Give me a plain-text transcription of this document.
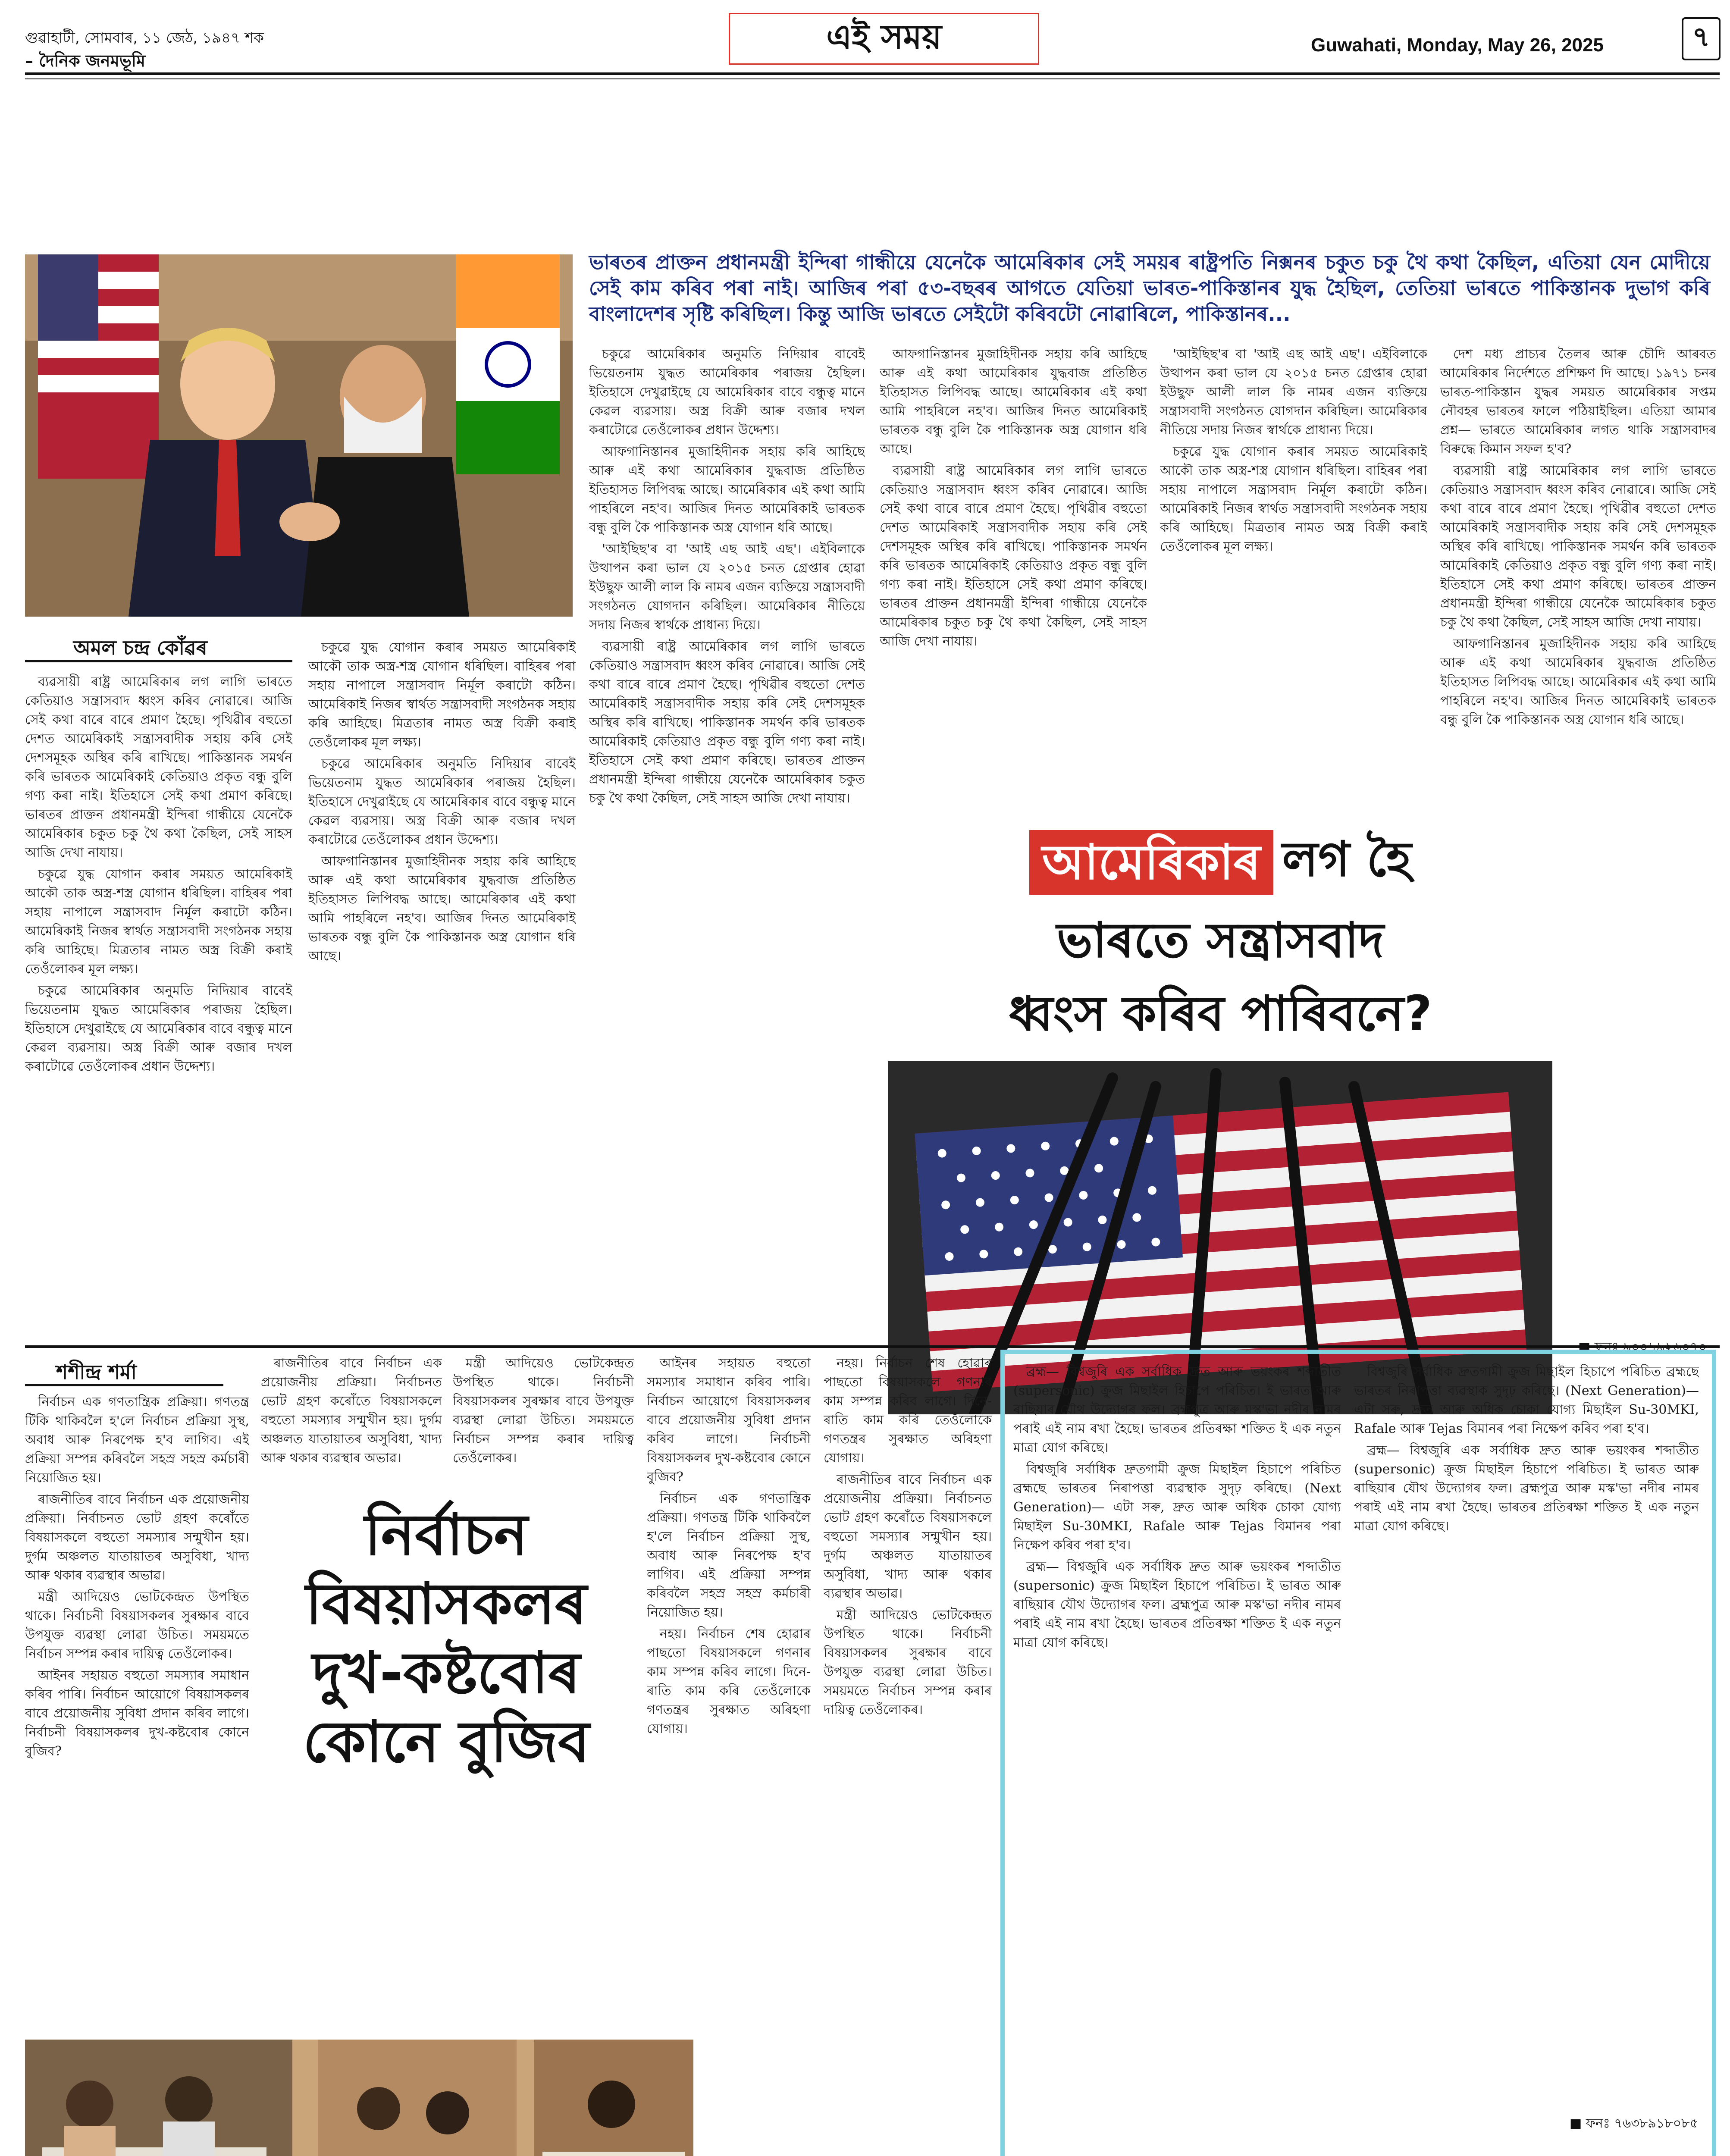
গুৱাহাটী, সোমবাৰ, ১১ জেঠ, ১৯৪৭ শক
– দৈনিক জনমভূমি
এই সময়	Guwahati, Monday, May 26, 2025	৭
অমল চন্দ্ৰ কোঁৱৰ
ভাৰতৰ প্ৰাক্তন প্ৰধানমন্ত্ৰী ইন্দিৰা গান্ধীয়ে যেনেকৈ আমেৰিকাৰ সেই সময়ৰ ৰাষ্ট্ৰপতি নিক্সনৰ চকুত চকু থৈ কথা কৈছিল, এতিয়া যেন মোদীয়ে সেই কাম কৰিব পৰা নাই। আজিৰ পৰা ৫৩-বছৰৰ আগতে যেতিয়া ভাৰত-পাকিস্তানৰ যুদ্ধ হৈছিল, তেতিয়া ভাৰতে পাকিস্তানক দুভাগ কৰি বাংলাদেশৰ সৃষ্টি কৰিছিল। কিন্তু আজি ভাৰতে সেইটো কৰিবটো নোৱাৰিলে, পাকিস্তানৰ...

ব্যৱসায়ী ৰাষ্ট্ৰ আমেৰিকাৰ লগ লাগি ভাৰতে কেতিয়াও সন্ত্ৰাসবাদ ধ্বংস কৰিব নোৱাৰে। আজি সেই কথা বাৰে বাৰে প্ৰমাণ হৈছে। পৃথিৱীৰ বহুতো দেশত আমেৰিকাই সন্ত্ৰাসবাদীক সহায় কৰি সেই দেশসমূহক অস্থিৰ কৰি ৰাখিছে। পাকিস্তানক সমৰ্থন কৰি ভাৰতক আমেৰিকাই কেতিয়াও প্ৰকৃত বন্ধু বুলি গণ্য কৰা নাই। ইতিহাসে সেই কথা প্ৰমাণ কৰিছে। ভাৰতৰ প্ৰাক্তন প্ৰধানমন্ত্ৰী ইন্দিৰা গান্ধীয়ে যেনেকৈ আমেৰিকাৰ চকুত চকু থৈ কথা কৈছিল, সেই সাহস আজি দেখা নাযায়।

চকুৱে যুদ্ধ যোগান কৰাৰ সময়ত আমেৰিকাই আকৌ তাক অস্ত্ৰ-শস্ত্ৰ যোগান ধৰিছিল। বাহিৰৰ পৰা সহায় নাপালে সন্ত্ৰাসবাদ নিৰ্মূল কৰাটো কঠিন। আমেৰিকাই নিজৰ স্বাৰ্থত সন্ত্ৰাসবাদী সংগঠনক সহায় কৰি আহিছে। মিত্ৰতাৰ নামত অস্ত্ৰ বিক্ৰী কৰাই তেওঁলোকৰ মূল লক্ষ্য।

চকুৱে আমেৰিকাৰ অনুমতি নিদিয়াৰ বাবেই ভিয়েতনাম যুদ্ধত আমেৰিকাৰ পৰাজয় হৈছিল। ইতিহাসে দেখুৱাইছে যে আমেৰিকাৰ বাবে বন্ধুত্ব মানে কেৱল ব্যৱসায়। অস্ত্ৰ বিক্ৰী আৰু বজাৰ দখল কৰাটোৱে তেওঁলোকৰ প্ৰধান উদ্দেশ্য।

চকুৱে যুদ্ধ যোগান কৰাৰ সময়ত আমেৰিকাই আকৌ তাক অস্ত্ৰ-শস্ত্ৰ যোগান ধৰিছিল। বাহিৰৰ পৰা সহায় নাপালে সন্ত্ৰাসবাদ নিৰ্মূল কৰাটো কঠিন। আমেৰিকাই নিজৰ স্বাৰ্থত সন্ত্ৰাসবাদী সংগঠনক সহায় কৰি আহিছে। মিত্ৰতাৰ নামত অস্ত্ৰ বিক্ৰী কৰাই তেওঁলোকৰ মূল লক্ষ্য।

চকুৱে আমেৰিকাৰ অনুমতি নিদিয়াৰ বাবেই ভিয়েতনাম যুদ্ধত আমেৰিকাৰ পৰাজয় হৈছিল। ইতিহাসে দেখুৱাইছে যে আমেৰিকাৰ বাবে বন্ধুত্ব মানে কেৱল ব্যৱসায়। অস্ত্ৰ বিক্ৰী আৰু বজাৰ দখল কৰাটোৱে তেওঁলোকৰ প্ৰধান উদ্দেশ্য।

আফগানিস্তানৰ মুজাহিদীনক সহায় কৰি আহিছে আৰু এই কথা আমেৰিকাৰ যুদ্ধবাজ প্ৰতিষ্ঠিত ইতিহাসত লিপিবদ্ধ আছে। আমেৰিকাৰ এই কথা আমি পাহৰিলে নহ'ব। আজিৰ দিনত আমেৰিকাই ভাৰতক বন্ধু বুলি কৈ পাকিস্তানক অস্ত্ৰ যোগান ধৰি আছে।

চকুৱে আমেৰিকাৰ অনুমতি নিদিয়াৰ বাবেই ভিয়েতনাম যুদ্ধত আমেৰিকাৰ পৰাজয় হৈছিল। ইতিহাসে দেখুৱাইছে যে আমেৰিকাৰ বাবে বন্ধুত্ব মানে কেৱল ব্যৱসায়। অস্ত্ৰ বিক্ৰী আৰু বজাৰ দখল কৰাটোৱে তেওঁলোকৰ প্ৰধান উদ্দেশ্য।

আফগানিস্তানৰ মুজাহিদীনক সহায় কৰি আহিছে আৰু এই কথা আমেৰিকাৰ যুদ্ধবাজ প্ৰতিষ্ঠিত ইতিহাসত লিপিবদ্ধ আছে। আমেৰিকাৰ এই কথা আমি পাহৰিলে নহ'ব। আজিৰ দিনত আমেৰিকাই ভাৰতক বন্ধু বুলি কৈ পাকিস্তানক অস্ত্ৰ যোগান ধৰি আছে।

'আইছিছ'ৰ বা 'আই এছ আই এছ'। এইবিলাকে উত্থাপন কৰা ভাল যে ২০১৫ চনত গ্ৰেপ্তাৰ হোৱা ইউছুফ আলী লাল কি নামৰ এজন ব্যক্তিয়ে সন্ত্ৰাসবাদী সংগঠনত যোগদান কৰিছিল। আমেৰিকাৰ নীতিয়ে সদায় নিজৰ স্বাৰ্থকে প্ৰাধান্য দিয়ে।

ব্যৱসায়ী ৰাষ্ট্ৰ আমেৰিকাৰ লগ লাগি ভাৰতে কেতিয়াও সন্ত্ৰাসবাদ ধ্বংস কৰিব নোৱাৰে। আজি সেই কথা বাৰে বাৰে প্ৰমাণ হৈছে। পৃথিৱীৰ বহুতো দেশত আমেৰিকাই সন্ত্ৰাসবাদীক সহায় কৰি সেই দেশসমূহক অস্থিৰ কৰি ৰাখিছে। পাকিস্তানক সমৰ্থন কৰি ভাৰতক আমেৰিকাই কেতিয়াও প্ৰকৃত বন্ধু বুলি গণ্য কৰা নাই। ইতিহাসে সেই কথা প্ৰমাণ কৰিছে। ভাৰতৰ প্ৰাক্তন প্ৰধানমন্ত্ৰী ইন্দিৰা গান্ধীয়ে যেনেকৈ আমেৰিকাৰ চকুত চকু থৈ কথা কৈছিল, সেই সাহস আজি দেখা নাযায়।

আফগানিস্তানৰ মুজাহিদীনক সহায় কৰি আহিছে আৰু এই কথা আমেৰিকাৰ যুদ্ধবাজ প্ৰতিষ্ঠিত ইতিহাসত লিপিবদ্ধ আছে। আমেৰিকাৰ এই কথা আমি পাহৰিলে নহ'ব। আজিৰ দিনত আমেৰিকাই ভাৰতক বন্ধু বুলি কৈ পাকিস্তানক অস্ত্ৰ যোগান ধৰি আছে।

ব্যৱসায়ী ৰাষ্ট্ৰ আমেৰিকাৰ লগ লাগি ভাৰতে কেতিয়াও সন্ত্ৰাসবাদ ধ্বংস কৰিব নোৱাৰে। আজি সেই কথা বাৰে বাৰে প্ৰমাণ হৈছে। পৃথিৱীৰ বহুতো দেশত আমেৰিকাই সন্ত্ৰাসবাদীক সহায় কৰি সেই দেশসমূহক অস্থিৰ কৰি ৰাখিছে। পাকিস্তানক সমৰ্থন কৰি ভাৰতক আমেৰিকাই কেতিয়াও প্ৰকৃত বন্ধু বুলি গণ্য কৰা নাই। ইতিহাসে সেই কথা প্ৰমাণ কৰিছে। ভাৰতৰ প্ৰাক্তন প্ৰধানমন্ত্ৰী ইন্দিৰা গান্ধীয়ে যেনেকৈ আমেৰিকাৰ চকুত চকু থৈ কথা কৈছিল, সেই সাহস আজি দেখা নাযায়।

'আইছিছ'ৰ বা 'আই এছ আই এছ'। এইবিলাকে উত্থাপন কৰা ভাল যে ২০১৫ চনত গ্ৰেপ্তাৰ হোৱা ইউছুফ আলী লাল কি নামৰ এজন ব্যক্তিয়ে সন্ত্ৰাসবাদী সংগঠনত যোগদান কৰিছিল। আমেৰিকাৰ নীতিয়ে সদায় নিজৰ স্বাৰ্থকে প্ৰাধান্য দিয়ে।

চকুৱে যুদ্ধ যোগান কৰাৰ সময়ত আমেৰিকাই আকৌ তাক অস্ত্ৰ-শস্ত্ৰ যোগান ধৰিছিল। বাহিৰৰ পৰা সহায় নাপালে সন্ত্ৰাসবাদ নিৰ্মূল কৰাটো কঠিন। আমেৰিকাই নিজৰ স্বাৰ্থত সন্ত্ৰাসবাদী সংগঠনক সহায় কৰি আহিছে। মিত্ৰতাৰ নামত অস্ত্ৰ বিক্ৰী কৰাই তেওঁলোকৰ মূল লক্ষ্য।

দেশ মধ্য প্ৰাচ্যৰ তৈলৰ আৰু চৌদি আৰবত আমেৰিকাৰ নিৰ্দেশতে প্ৰশিক্ষণ দি আছে। ১৯৭১ চনৰ ভাৰত-পাকিস্তান যুদ্ধৰ সময়ত আমেৰিকাৰ সপ্তম নৌবহৰ ভাৰতৰ ফালে পঠিয়াইছিল। এতিয়া আমাৰ প্ৰশ্ন— ভাৰতে আমেৰিকাৰ লগত থাকি সন্ত্ৰাসবাদৰ বিৰুদ্ধে কিমান সফল হ'ব?

ব্যৱসায়ী ৰাষ্ট্ৰ আমেৰিকাৰ লগ লাগি ভাৰতে কেতিয়াও সন্ত্ৰাসবাদ ধ্বংস কৰিব নোৱাৰে। আজি সেই কথা বাৰে বাৰে প্ৰমাণ হৈছে। পৃথিৱীৰ বহুতো দেশত আমেৰিকাই সন্ত্ৰাসবাদীক সহায় কৰি সেই দেশসমূহক অস্থিৰ কৰি ৰাখিছে। পাকিস্তানক সমৰ্থন কৰি ভাৰতক আমেৰিকাই কেতিয়াও প্ৰকৃত বন্ধু বুলি গণ্য কৰা নাই। ইতিহাসে সেই কথা প্ৰমাণ কৰিছে। ভাৰতৰ প্ৰাক্তন প্ৰধানমন্ত্ৰী ইন্দিৰা গান্ধীয়ে যেনেকৈ আমেৰিকাৰ চকুত চকু থৈ কথা কৈছিল, সেই সাহস আজি দেখা নাযায়।

আফগানিস্তানৰ মুজাহিদীনক সহায় কৰি আহিছে আৰু এই কথা আমেৰিকাৰ যুদ্ধবাজ প্ৰতিষ্ঠিত ইতিহাসত লিপিবদ্ধ আছে। আমেৰিকাৰ এই কথা আমি পাহৰিলে নহ'ব। আজিৰ দিনত আমেৰিকাই ভাৰতক বন্ধু বুলি কৈ পাকিস্তানক অস্ত্ৰ যোগান ধৰি আছে।

আমেৰিকাৰ লগ হৈ
ভাৰতে সন্ত্ৰাসবাদ
ধ্বংস কৰিব পাৰিবনে?
শশীন্দ্ৰ শৰ্মা

নিৰ্বাচন এক গণতান্ত্ৰিক প্ৰক্ৰিয়া। গণতন্ত্ৰ টিকি থাকিবলৈ হ'লে নিৰ্বাচন প্ৰক্ৰিয়া সুস্থ, অবাধ আৰু নিৰপেক্ষ হ'ব লাগিব। এই প্ৰক্ৰিয়া সম্পন্ন কৰিবলৈ সহস্ৰ সহস্ৰ কৰ্মচাৰী নিয়োজিত হয়।

ৰাজনীতিৰ বাবে নিৰ্বাচন এক প্ৰয়োজনীয় প্ৰক্ৰিয়া। নিৰ্বাচনত ভোট গ্ৰহণ কৰোঁতে বিষয়াসকলে বহুতো সমস্যাৰ সন্মুখীন হয়। দুৰ্গম অঞ্চলত যাতায়াতৰ অসুবিধা, খাদ্য আৰু থকাৰ ব্যৱস্থাৰ অভাৱ।

মন্ত্ৰী আদিয়েও ভোটকেন্দ্ৰত উপস্থিত থাকে। নিৰ্বাচনী বিষয়াসকলৰ সুৰক্ষাৰ বাবে উপযুক্ত ব্যৱস্থা লোৱা উচিত। সময়মতে নিৰ্বাচন সম্পন্ন কৰাৰ দায়িত্ব তেওঁলোকৰ।

আইনৰ সহায়ত বহুতো সমস্যাৰ সমাধান কৰিব পাৰি। নিৰ্বাচন আয়োগে বিষয়াসকলৰ বাবে প্ৰয়োজনীয় সুবিধা প্ৰদান কৰিব লাগে। নিৰ্বাচনী বিষয়াসকলৰ দুখ-কষ্টবোৰ কোনে বুজিব?

ৰাজনীতিৰ বাবে নিৰ্বাচন এক প্ৰয়োজনীয় প্ৰক্ৰিয়া। নিৰ্বাচনত ভোট গ্ৰহণ কৰোঁতে বিষয়াসকলে বহুতো সমস্যাৰ সন্মুখীন হয়। দুৰ্গম অঞ্চলত যাতায়াতৰ অসুবিধা, খাদ্য আৰু থকাৰ ব্যৱস্থাৰ অভাৱ।

মন্ত্ৰী আদিয়েও ভোটকেন্দ্ৰত উপস্থিত থাকে। নিৰ্বাচনী বিষয়াসকলৰ সুৰক্ষাৰ বাবে উপযুক্ত ব্যৱস্থা লোৱা উচিত। সময়মতে নিৰ্বাচন সম্পন্ন কৰাৰ দায়িত্ব তেওঁলোকৰ।

নিৰ্বাচন
বিষয়াসকলৰ
দুখ-কষ্টবোৰ
কোনে বুজিব

আইনৰ সহায়ত বহুতো সমস্যাৰ সমাধান কৰিব পাৰি। নিৰ্বাচন আয়োগে বিষয়াসকলৰ বাবে প্ৰয়োজনীয় সুবিধা প্ৰদান কৰিব লাগে। নিৰ্বাচনী বিষয়াসকলৰ দুখ-কষ্টবোৰ কোনে বুজিব?

নিৰ্বাচন এক গণতান্ত্ৰিক প্ৰক্ৰিয়া। গণতন্ত্ৰ টিকি থাকিবলৈ হ'লে নিৰ্বাচন প্ৰক্ৰিয়া সুস্থ, অবাধ আৰু নিৰপেক্ষ হ'ব লাগিব। এই প্ৰক্ৰিয়া সম্পন্ন কৰিবলৈ সহস্ৰ সহস্ৰ কৰ্মচাৰী নিয়োজিত হয়।

নহয়। নিৰ্বাচন শেষ হোৱাৰ পাছতো বিষয়াসকলে গণনাৰ কাম সম্পন্ন কৰিব লাগে। দিনে-ৰাতি কাম কৰি তেওঁলোকে গণতন্ত্ৰৰ সুৰক্ষাত অৰিহণা যোগায়।

নহয়। নিৰ্বাচন শেষ হোৱাৰ পাছতো বিষয়াসকলে গণনাৰ কাম সম্পন্ন কৰিব লাগে। দিনে-ৰাতি কাম কৰি তেওঁলোকে গণতন্ত্ৰৰ সুৰক্ষাত অৰিহণা যোগায়।

ৰাজনীতিৰ বাবে নিৰ্বাচন এক প্ৰয়োজনীয় প্ৰক্ৰিয়া। নিৰ্বাচনত ভোট গ্ৰহণ কৰোঁতে বিষয়াসকলে বহুতো সমস্যাৰ সন্মুখীন হয়। দুৰ্গম অঞ্চলত যাতায়াতৰ অসুবিধা, খাদ্য আৰু থকাৰ ব্যৱস্থাৰ অভাৱ।

মন্ত্ৰী আদিয়েও ভোটকেন্দ্ৰত উপস্থিত থাকে। নিৰ্বাচনী বিষয়াসকলৰ সুৰক্ষাৰ বাবে উপযুক্ত ব্যৱস্থা লোৱা উচিত। সময়মতে নিৰ্বাচন সম্পন্ন কৰাৰ দায়িত্ব তেওঁলোকৰ।

ব্ৰহ্ম— বিশ্বজুৰি এক সৰ্বাধিক দ্ৰুত আৰু ভয়ংকৰ শব্দাতীত (supersonic) ক্ৰুজ মিছাইল হিচাপে পৰিচিত। ই ভাৰত আৰু ৰাছিয়াৰ যৌথ উদ্যোগৰ ফল। ব্ৰহ্মপুত্ৰ আৰু মস্ক'ভা নদীৰ নামৰ পৰাই এই নাম ৰখা হৈছে। ভাৰতৰ প্ৰতিৰক্ষা শক্তিত ই এক নতুন মাত্ৰা যোগ কৰিছে।

বিশ্বজুৰি সৰ্বাধিক দ্ৰুতগামী ক্ৰুজ মিছাইল হিচাপে পৰিচিত ব্ৰহ্মছে ভাৰতৰ নিৰাপত্তা ব্যৱস্থাক সুদৃঢ় কৰিছে। (Next Generation)— এটা সৰু, দ্ৰুত আৰু অধিক চোকা যোগ্য মিছাইল Su-30MKI, Rafale আৰু Tejas বিমানৰ পৰা নিক্ষেপ কৰিব পৰা হ'ব।

ব্ৰহ্ম— বিশ্বজুৰি এক সৰ্বাধিক দ্ৰুত আৰু ভয়ংকৰ শব্দাতীত (supersonic) ক্ৰুজ মিছাইল হিচাপে পৰিচিত। ই ভাৰত আৰু ৰাছিয়াৰ যৌথ উদ্যোগৰ ফল। ব্ৰহ্মপুত্ৰ আৰু মস্ক'ভা নদীৰ নামৰ পৰাই এই নাম ৰখা হৈছে। ভাৰতৰ প্ৰতিৰক্ষা শক্তিত ই এক নতুন মাত্ৰা যোগ কৰিছে।

বিশ্বজুৰি সৰ্বাধিক দ্ৰুতগামী ক্ৰুজ মিছাইল হিচাপে পৰিচিত ব্ৰহ্মছে ভাৰতৰ নিৰাপত্তা ব্যৱস্থাক সুদৃঢ় কৰিছে। (Next Generation)— এটা সৰু, দ্ৰুত আৰু অধিক চোকা যোগ্য মিছাইল Su-30MKI, Rafale আৰু Tejas বিমানৰ পৰা নিক্ষেপ কৰিব পৰা হ'ব।

ব্ৰহ্ম— বিশ্বজুৰি এক সৰ্বাধিক দ্ৰুত আৰু ভয়ংকৰ শব্দাতীত (supersonic) ক্ৰুজ মিছাইল হিচাপে পৰিচিত। ই ভাৰত আৰু ৰাছিয়াৰ যৌথ উদ্যোগৰ ফল। ব্ৰহ্মপুত্ৰ আৰু মস্ক'ভা নদীৰ নামৰ পৰাই এই নাম ৰখা হৈছে। ভাৰতৰ প্ৰতিৰক্ষা শক্তিত ই এক নতুন মাত্ৰা যোগ কৰিছে।

■ ফনঃ ৭৬৩৮৯১৮০৮৫
